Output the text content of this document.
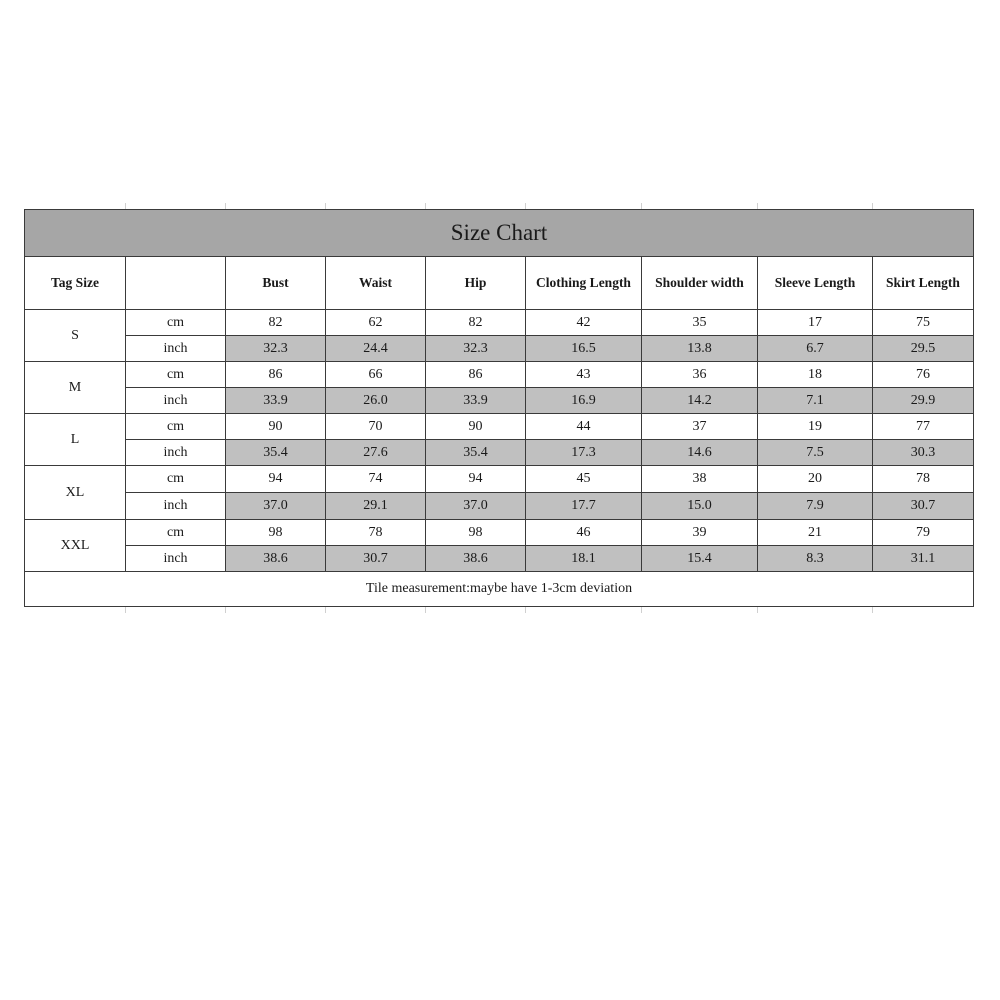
Size Chart								
Tag Size		Bust	Waist	Hip	Clothing Length	Shoulder width	Sleeve Length	Skirt Length
S	cm	82	62	82	42	35	17	75
	inch	32.3	24.4	32.3	16.5	13.8	6.7	29.5
M	cm	86	66	86	43	36	18	76
	inch	33.9	26.0	33.9	16.9	14.2	7.1	29.9
L	cm	90	70	90	44	37	19	77
	inch	35.4	27.6	35.4	17.3	14.6	7.5	30.3
XL	cm	94	74	94	45	38	20	78
	inch	37.0	29.1	37.0	17.7	15.0	7.9	30.7
XXL	cm	98	78	98	46	39	21	79
	inch	38.6	30.7	38.6	18.1	15.4	8.3	31.1
Tile measurement:maybe have 1-3cm deviation								
